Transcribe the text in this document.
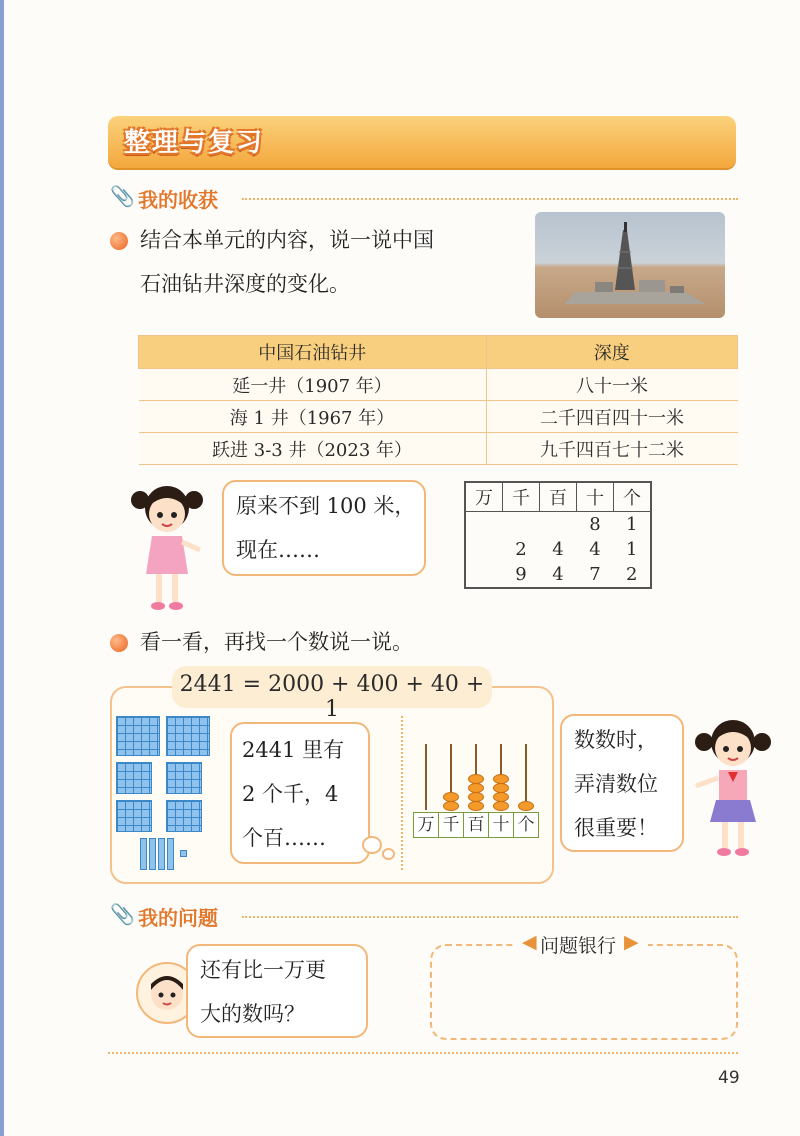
整理与复习
📎 我的收获
结合本单元的内容，说一说中国
石油钻井深度的变化。
中国石油钻井	深度
延一井（1907 年）	八十一米
海 1 井（1967 年）	二千四百四十一米
跃进 3-3 井（2023 年）	九千四百七十二米
原来不到 100 米，
现在……
万	千	百	十	个
			8	1
	2	4	4	1
	9	4	7	2
看一看，再找一个数说一说。
2441 = 2000 + 400 + 40 + 1
2441 里有
2 个千，4
个百……
万 千 百 十 个
数数时，
弄清数位
很重要！
📎 我的问题
还有比一万更
大的数吗？
◀ 问题银行 ▶
49
